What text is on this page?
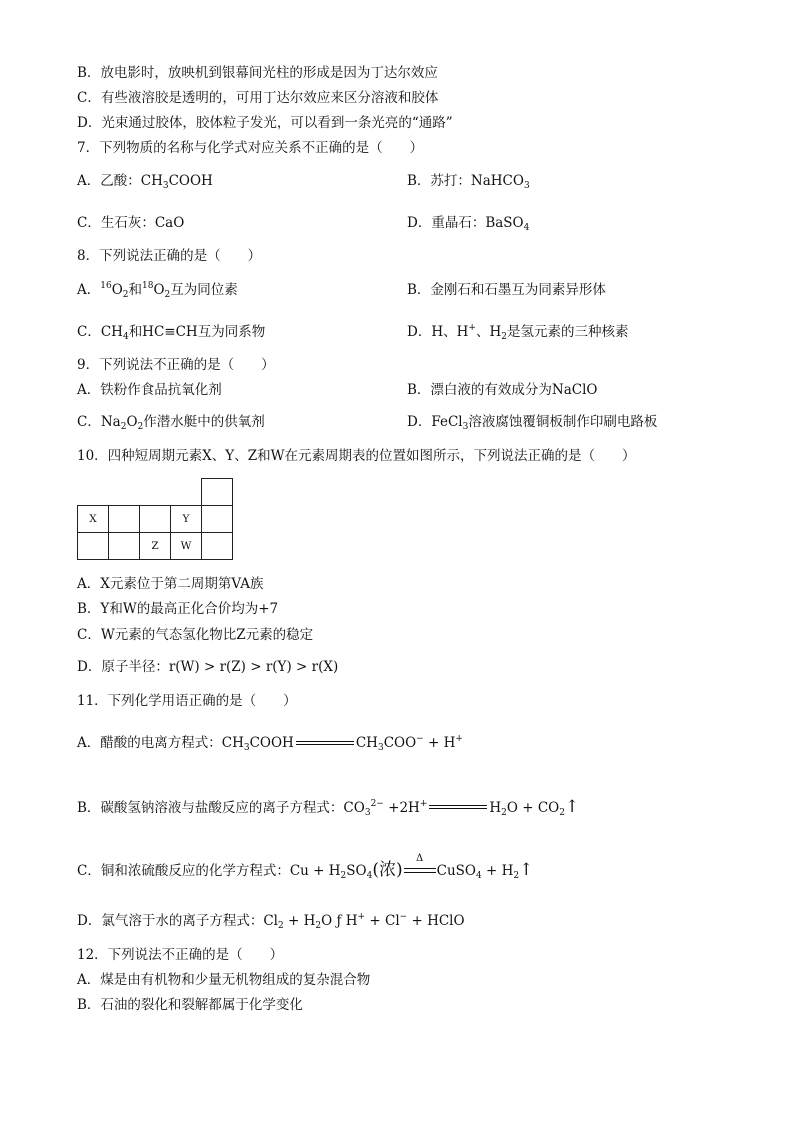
B．放电影时，放映机到银幕间光柱的形成是因为丁达尔效应
C．有些液溶胶是透明的，可用丁达尔效应来区分溶液和胶体
D．光束通过胶体，胶体粒子发光，可以看到一条光亮的“通路”
7．下列物质的名称与化学式对应关系不正确的是（　　）
A．乙酸：$CH_3COOH$	B．苏打：NaHCO$_3$
C．生石灰：CaO	D．重晶石：BaSO$_4$
8．下列说法正确的是（　　）
A．$^{16}O_2$和$^{18}O_2$互为同位素	B．金刚石和石墨互为同素异形体
C．$CH_4$和HC≡CH互为同系物	D．H、H+、$H_2$是氢元素的三种核素
9．下列说法不正确的是（　　）
A．铁粉作食品抗氧化剂	B．漂白液的有效成分为NaClO
C．$Na_2O_2$作潜水艇中的供氧剂	D．FeCl$_3$溶液腐蚀覆铜板制作印刷电路板
10．四种短周期元素X、Y、Z和W在元素周期表的位置如图所示，下列说法正确的是（　　）

X			Y	
		Z	W	
A．X元素位于第二周期第VA族
B．Y和W的最高正化合价均为+7
C．W元素的气态氢化物比Z元素的稳定
D．原子半径：r(W) > r(Z) > r(Y) > r(X)
11．下列化学用语正确的是（　　）
A．醋酸的电离方程式：$CH_3COOH$	$CH_3COO^- + H^+$
B．碳酸氢钠溶液与盐酸反应的离子方程式：$CO_3^{2-} +2H^+$	$H_2O$ + $CO_2↑$
C．铜和浓硫酸反应的化学方程式：$Cu + H_2SO_4$(浓)
Δ
CuSO$_4$ + $H_2↑$
D．氯气溶于水的离子方程式：$Cl_2 + H_2O$ ƒ H+ + Cl− + HClO
12．下列说法不正确的是（　　）
A．煤是由有机物和少量无机物组成的复杂混合物
B．石油的裂化和裂解都属于化学变化
